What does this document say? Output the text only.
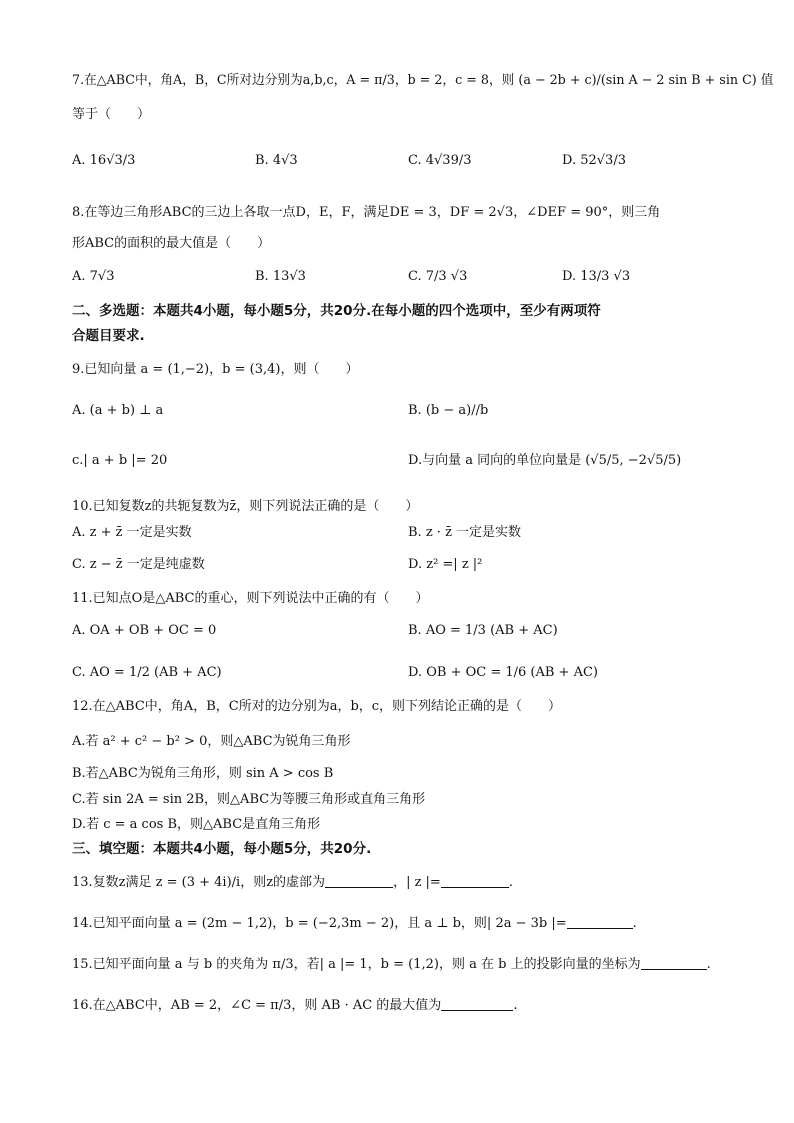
7.在△ABC中，角A，B，C所对边分别为a,b,c，A = π/3，b = 2，c = 8，则 (a − 2b + c)/(sin A − 2 sin B + sin C) 值
等于（　　）
A. 16√3/3	B. 4√3	C. 4√39/3	D. 52√3/3
8.在等边三角形ABC的三边上各取一点D，E，F，满足DE = 3，DF = 2√3，∠DEF = 90°，则三角
形ABC的面积的最大值是（　　）
A. 7√3	B. 13√3	C. 7/3 √3	D. 13/3 √3
二、多选题：本题共4小题，每小题5分，共20分.在每小题的四个选项中，至少有两项符
合题目要求.
9.已知向量 a = (1,−2)，b = (3,4)，则（　　）
A. (a + b) ⊥ a	B. (b − a)//b
c.| a + b |= 20	D.与向量 a 同向的单位向量是 (√5/5, −2√5/5)
10.已知复数z的共轭复数为z̄，则下列说法正确的是（　　）
A. z + z̄ 一定是实数	B. z · z̄ 一定是实数
C. z − z̄ 一定是纯虚数	D. z² =| z |²
11.已知点O是△ABC的重心，则下列说法中正确的有（　　）
A. OA + OB + OC = 0	B. AO = 1/3 (AB + AC)
C. AO = 1/2 (AB + AC)	D. OB + OC = 1/6 (AB + AC)
12.在△ABC中，角A，B，C所对的边分别为a，b，c，则下列结论正确的是（　　）
A.若 a² + c² − b² > 0，则△ABC为锐角三角形
B.若△ABC为锐角三角形，则 sin A > cos B
C.若 sin 2A = sin 2B，则△ABC为等腰三角形或直角三角形
D.若 c = a cos B，则△ABC是直角三角形
三、填空题：本题共4小题，每小题5分，共20分.
13.复数z满足 z = (3 + 4i)/i，则z的虚部为	，| z |=	.
14.已知平面向量 a = (2m − 1,2)，b = (−2,3m − 2)，且 a ⊥ b，则| 2a − 3b |=	.
15.已知平面向量 a 与 b 的夹角为 π/3，若| a |= 1，b = (1,2)，则 a 在 b 上的投影向量的坐标为	.
16.在△ABC中，AB = 2，∠C = π/3，则 AB · AC 的最大值为	.
